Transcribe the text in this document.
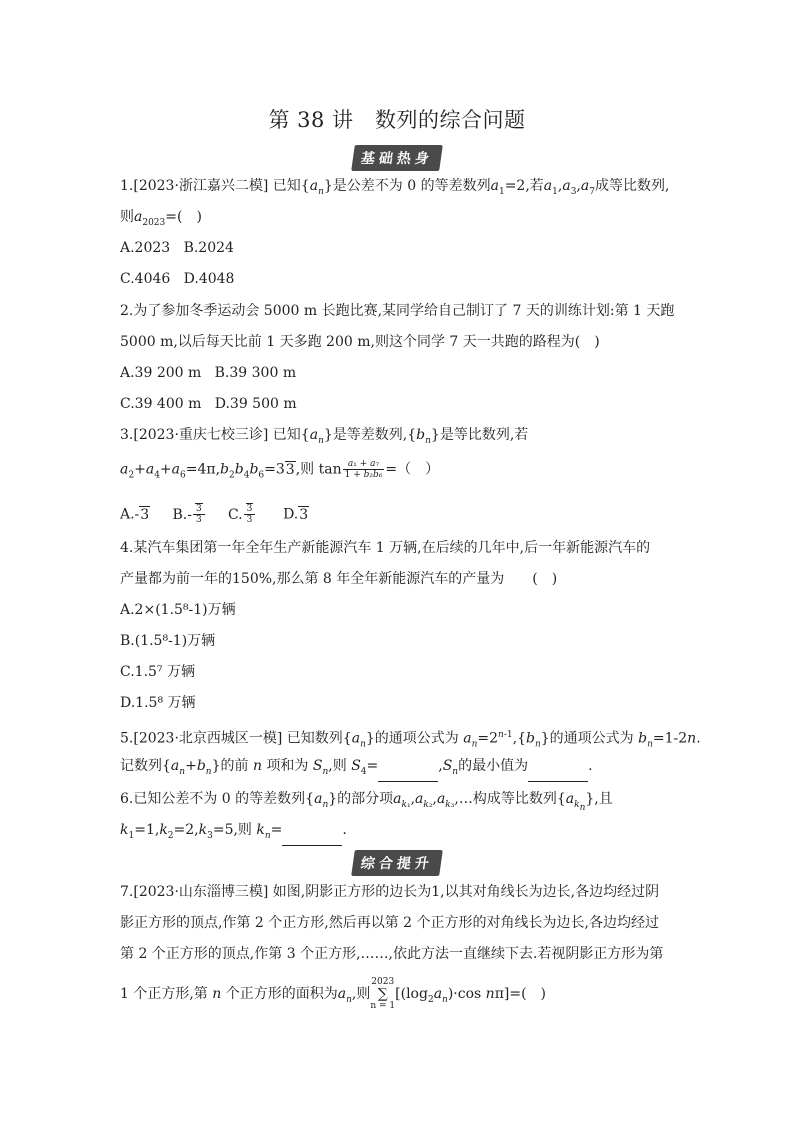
第 38 讲　数列的综合问题
基础热身
1.[2023·浙江嘉兴二模] 已知$\{a_n\}$是公差不为 0 的等差数列$a_1=2$,若$a_1,a_3,a_7$成等比数列,
则$a_{2023}=$(　)
A.2023 B.2024
C.4046 D.4048
2.为了参加冬季运动会 5000 m 长跑比赛,某同学给自己制订了 7 天的训练计划:第 1 天跑
5000 m,以后每天比前 1 天多跑 200 m,则这个同学 7 天一共跑的路程为(　)
A.39 200 m B.39 300 m
C.39 400 m D.39 500 m
3.[2023·重庆七校三诊] 已知$\{a_n\}$是等差数列$,\{b_n\}$是等比数列,若
$a_2+a_4+a_6=4\pi,b_2b_4b_6=33$,则 $\tan \frac{\text{a₁ + a₇}}{\text{1 + b₂b₆}}$ =（　）
A.-3 $B.- \frac{3}{3} C$. $\frac{3}{3} D.3$
4.某汽车集团第一年全年生产新能源汽车 1 万辆,在后续的几年中,后一年新能源汽车的
产量都为前一年的150%,那么第 8 年全年新能源汽车的产量为　　(　)
A.2×(1.5⁸-1)万辆
B.(1.5⁸-1)万辆
C.1.5⁷ 万辆
D.1.5⁸ 万辆
5.[2023·北京西城区一模] 已知数列$\{a_n\}$的通项公式为 $a_n=2^{n-1},\{b_n\}$的通项公式为 $b_n=1-2n$.
记数列$\{a_n+b_n\}$的前 n 项和为 $S_n$,则 $S_4=$	$,S_n$的最小值为	.
6.已知公差不为 0 的等差数列$\{a_n\}$的部分项$a_{k_1},a_{k_2},a_{k_3},\dots$构成等比数列$\{a_{k_n}\}$,且
$k_1=1,k_2=2,k_3=5$,则 $k_n=$	.
综合提升
7.[2023·山东淄博三模] 如图,阴影正方形的边长为1,以其对角线长为边长,各边均经过阴
影正方形的顶点,作第 2 个正方形,然后再以第 2 个正方形的对角线长为边长,各边均经过
第 2 个正方形的顶点,作第 3 个正方形,……,依此方法一直继续下去.若视阴影正方形为第
1 个正方形,第 n 个正方形的面积为$a_n$,则2023
∑
$n = 1[(\log_2a_n)\cdot\cos$ nπ]=(　)
